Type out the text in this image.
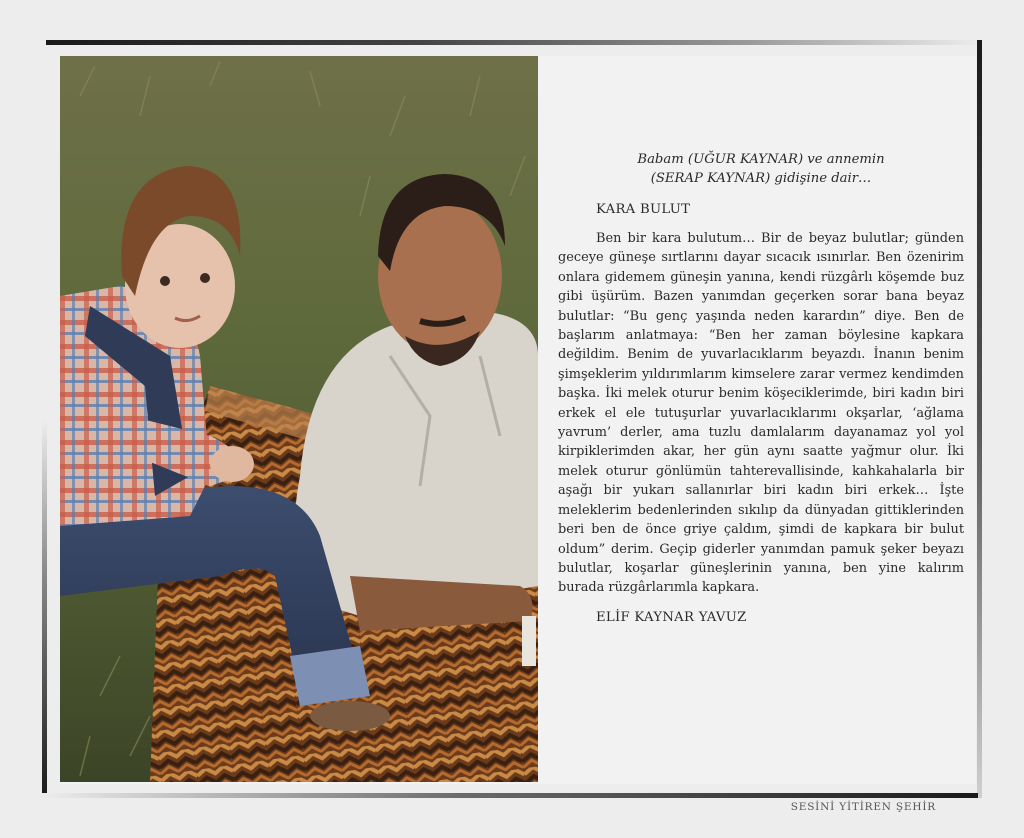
Babam (UĞUR KAYNAR) ve annemin
(SERAP KAYNAR) gidişine dair…

KARA BULUT

Ben bir kara bulutum… Bir de beyaz bulutlar; günden geceye güneşe sırtlarını dayar sıcacık ısınırlar. Ben özenirim onlara gidemem güneşin yanına, kendi rüzgârlı köşemde buz gibi üşürüm. Bazen yanımdan geçerken sorar bana beyaz bulutlar: “Bu genç yaşında neden karardın” diye. Ben de başlarım anlatmaya: “Ben her zaman böylesine kapkara değildim. Benim de yuvarlacıklarım beyazdı. İnanın benim şimşeklerim yıldırımlarım kimselere zarar vermez kendimden başka. İki melek oturur benim köşeciklerimde, biri kadın biri erkek el ele tutuşurlar yuvarlacıklarımı okşarlar, ‘ağlama yavrum’ derler, ama tuzlu damlalarım dayanamaz yol yol kirpiklerimden akar, her gün aynı saatte yağmur olur. İki melek oturur gönlümün tahterevallisinde, kahkahalarla bir aşağı bir yukarı sallanırlar biri kadın biri erkek… İşte meleklerim bedenlerinden sıkılıp da dünyadan gittiklerinden beri ben de önce griye çaldım, şimdi de kapkara bir bulut oldum” derim. Geçip giderler yanımdan pamuk şeker beyazı bulutlar, koşarlar güneşlerinin yanına, ben yine kalırım burada rüzgârlarımla kapkara.

ELİF KAYNAR YAVUZ

SESİNİ YİTİREN ŞEHİR
